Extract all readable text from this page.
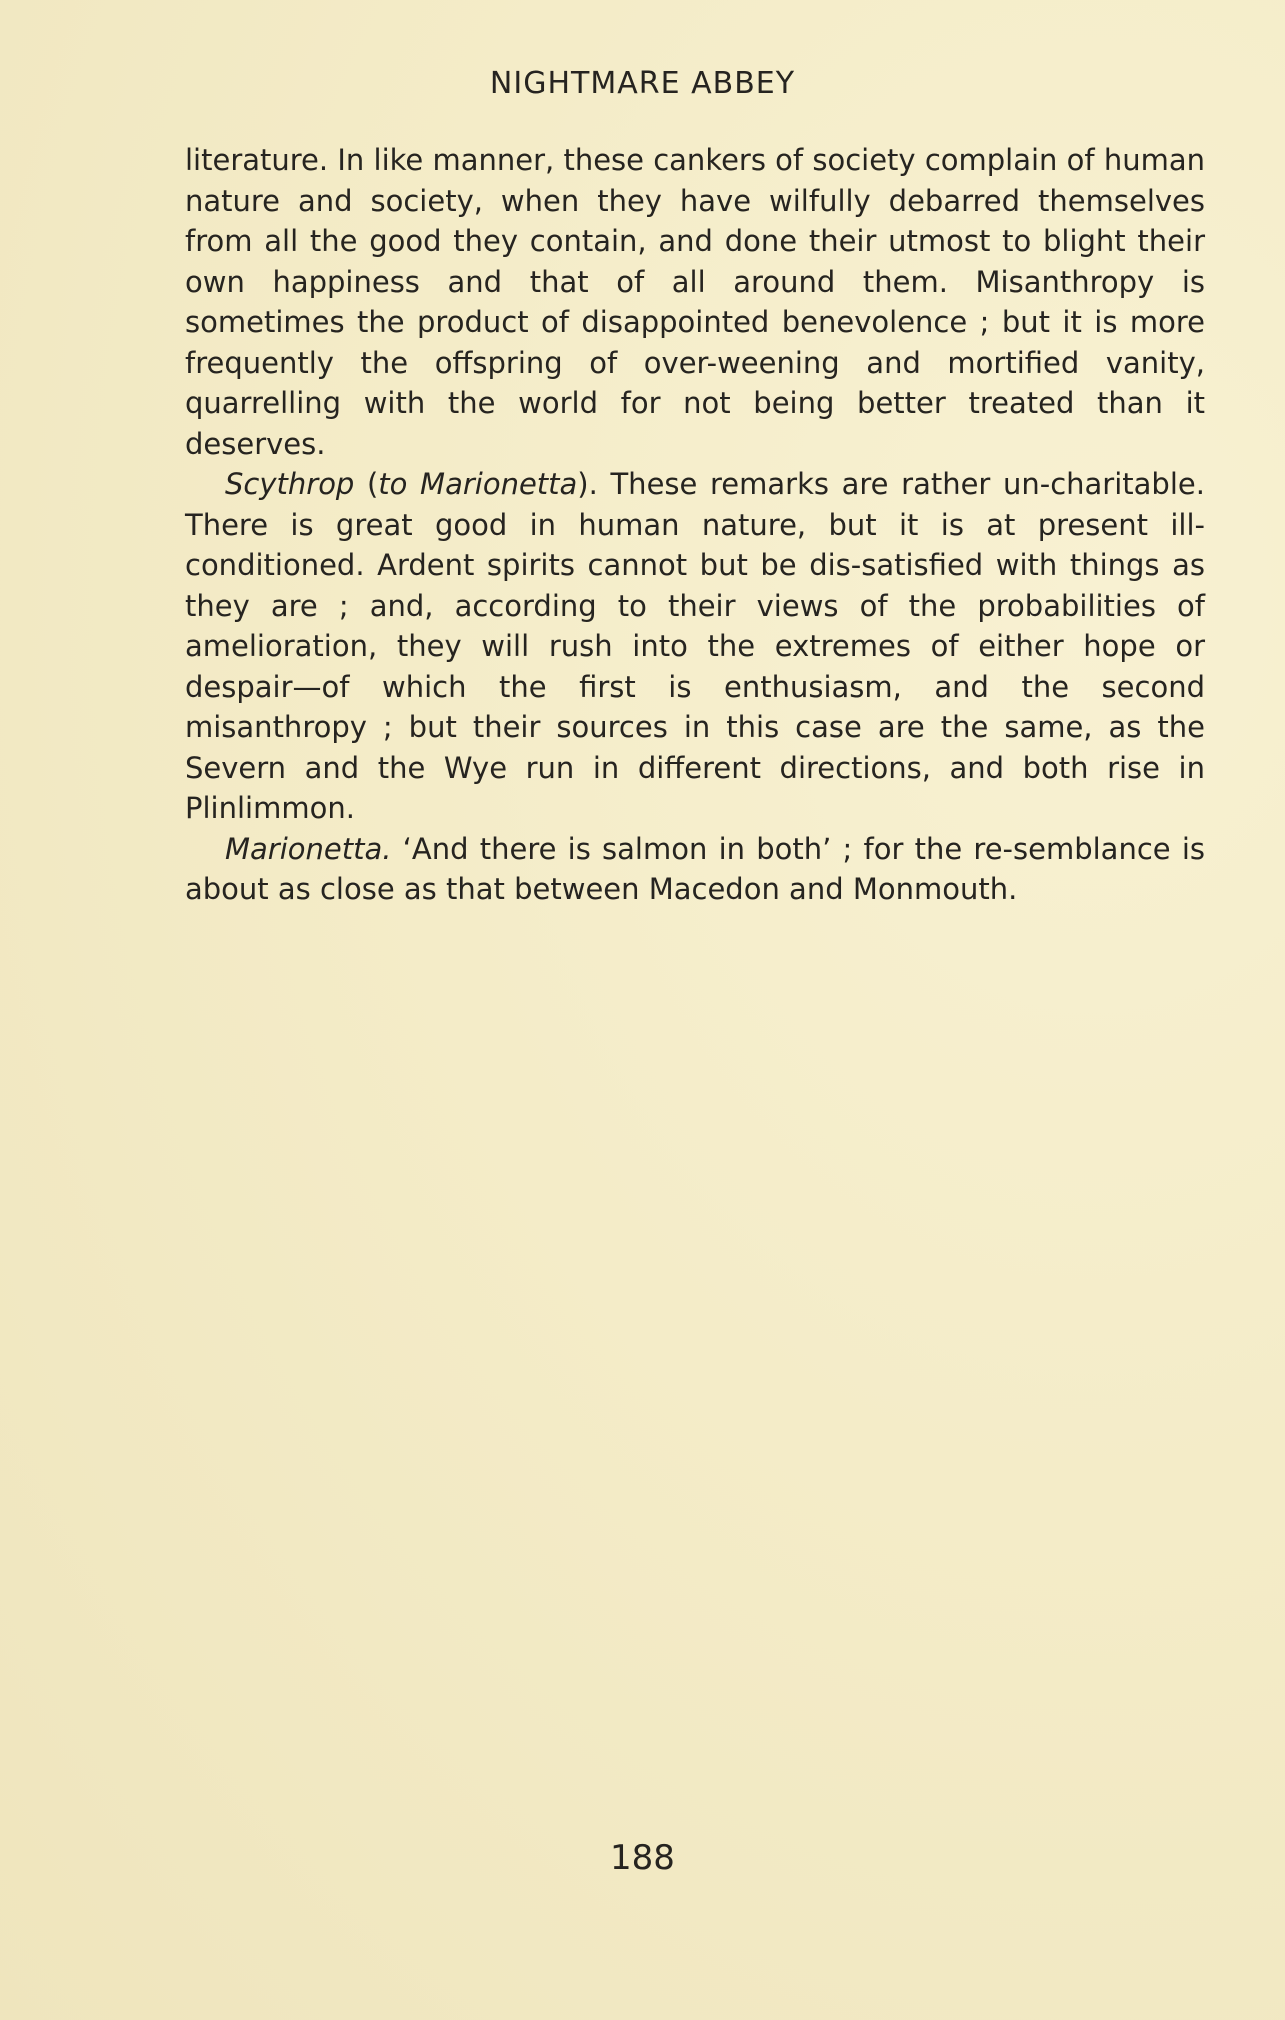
NIGHTMARE ABBEY

literature. In like manner, these cankers of society complain of human nature and society, when they have wilfully debarred themselves from all the good they contain, and done their utmost to blight their own happiness and that of all around them. Misanthropy is sometimes the product of disappointed benevolence ; but it is more frequently the offspring of over-weening and mortified vanity, quarrelling with the world for not being better treated than it deserves.

Scythrop (to Marionetta). These remarks are rather un-charitable. There is great good in human nature, but it is at present ill-conditioned. Ardent spirits cannot but be dis-satisfied with things as they are ; and, according to their views of the probabilities of amelioration, they will rush into the extremes of either hope or despair—of which the first is enthusiasm, and the second misanthropy ; but their sources in this case are the same, as the Severn and the Wye run in different directions, and both rise in Plinlimmon.

Marionetta. ‘And there is salmon in both’ ; for the re-semblance is about as close as that between Macedon and Monmouth.

188
